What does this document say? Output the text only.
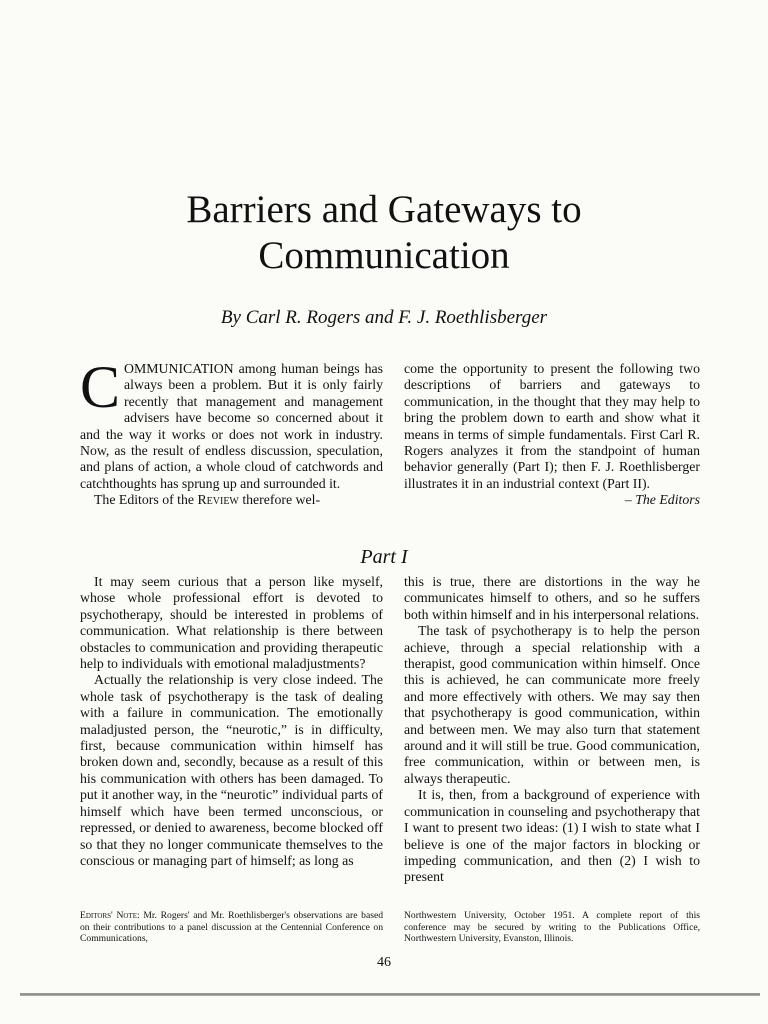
Barriers and Gateways to Communication
By Carl R. Rogers and F. J. Roethlisberger

COMMUNICATION among human beings has always been a problem. But it is only fairly recently that management and management advisers have become so concerned about it and the way it works or does not work in industry. Now, as the result of endless discussion, speculation, and plans of action, a whole cloud of catchwords and catchthoughts has sprung up and surrounded it.

The Editors of the Review therefore wel-

come the opportunity to present the following two descriptions of barriers and gateways to communication, in the thought that they may help to bring the problem down to earth and show what it means in terms of simple fundamentals. First Carl R. Rogers analyzes it from the standpoint of human behavior generally (Part I); then F. J. Roethlisberger illustrates it in an industrial context (Part II).

– The Editors

Part I

It may seem curious that a person like myself, whose whole professional effort is devoted to psychotherapy, should be interested in problems of communication. What relationship is there between obstacles to communication and providing therapeutic help to individuals with emotional maladjustments?

Actually the relationship is very close indeed. The whole task of psychotherapy is the task of dealing with a failure in communication. The emotionally maladjusted person, the “neurotic,” is in difficulty, first, because communication within himself has broken down and, secondly, because as a result of this his communication with others has been damaged. To put it another way, in the “neurotic” individual parts of himself which have been termed unconscious, or repressed, or denied to awareness, become blocked off so that they no longer communicate themselves to the conscious or managing part of himself; as long as

this is true, there are distortions in the way he communicates himself to others, and so he suffers both within himself and in his interpersonal relations.

The task of psychotherapy is to help the person achieve, through a special relationship with a therapist, good communication within himself. Once this is achieved, he can communicate more freely and more effectively with others. We may say then that psychotherapy is good communication, within and between men. We may also turn that statement around and it will still be true. Good communication, free communication, within or between men, is always therapeutic.

It is, then, from a background of experience with communication in counseling and psychotherapy that I want to present two ideas: (1) I wish to state what I believe is one of the major factors in blocking or impeding communication, and then (2) I wish to present

Editors' Note: Mr. Rogers' and Mr. Roethlisberger's observations are based on their contributions to a panel discussion at the Centennial Conference on Communications,
Northwestern University, October 1951. A complete report of this conference may be secured by writing to the Publications Office, Northwestern University, Evanston, Illinois.
46
